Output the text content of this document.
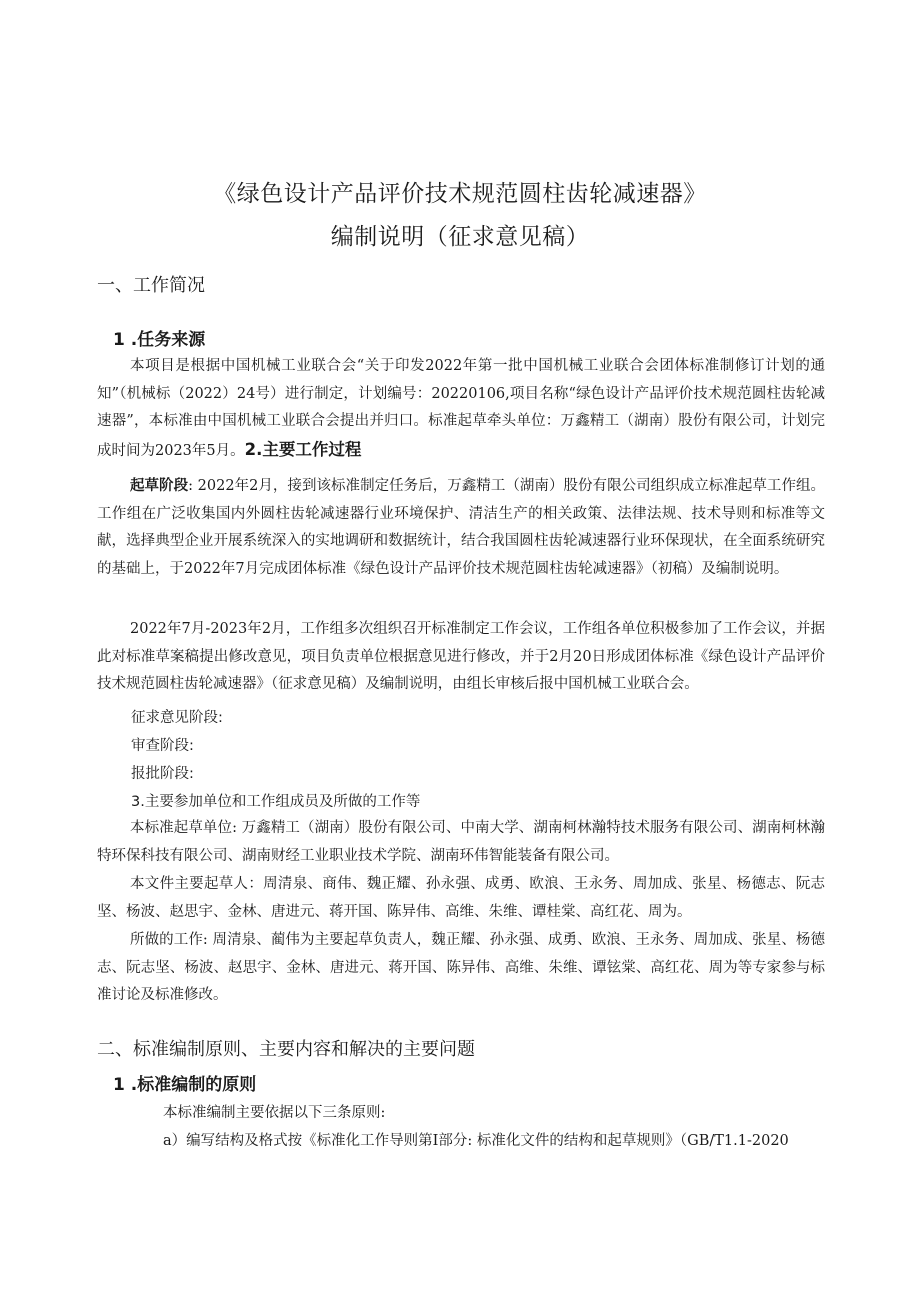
《绿色设计产品评价技术规范圆柱齿轮减速器》
编制说明（征求意见稿）
一、工作简况
1 .任务来源

本项目是根据中国机械工业联合会“关于印发2022年第一批中国机械工业联合会团体标准制修订计划的通知”（机械标（2022）24号）进行制定，计划编号：20220106,项目名称“绿色设计产品评价技术规范圆柱齿轮减速器”，本标准由中国机械工业联合会提出并归口。标准起草牵头单位：万鑫精工（湖南）股份有限公司，计划完成时间为2023年5月。2.主要工作过程

起草阶段: 2022年2月，接到该标准制定任务后，万鑫精工（湖南）股份有限公司组织成立标准起草工作组。工作组在广泛收集国内外圆柱齿轮减速器行业环境保护、清洁生产的相关政策、法律法规、技术导则和标准等文献，选择典型企业开展系统深入的实地调研和数据统计，结合我国圆柱齿轮减速器行业环保现状，在全面系统研究的基础上，于2022年7月完成团体标准《绿色设计产品评价技术规范圆柱齿轮减速器》（初稿）及编制说明。

2022年7月-2023年2月，工作组多次组织召开标准制定工作会议，工作组各单位积极参加了工作会议，并据此对标准草案稿提出修改意见，项目负责单位根据意见进行修改，并于2月20日形成团体标准《绿色设计产品评价技术规范圆柱齿轮减速器》（征求意见稿）及编制说明，由组长审核后报中国机械工业联合会。

征求意见阶段:
审查阶段:
报批阶段:
3.主要参加单位和工作组成员及所做的工作等

本标准起草单位: 万鑫精工（湖南）股份有限公司、中南大学、湖南柯林瀚特技术服务有限公司、湖南柯林瀚特环保科技有限公司、湖南财经工业职业技术学院、湖南环伟智能装备有限公司。

本文件主要起草人：周清泉、商伟、魏正耀、孙永强、成勇、欧浪、王永务、周加成、张星、杨德志、阮志坚、杨波、赵思宇、金林、唐进元、蒋开国、陈异伟、高维、朱维、谭桂棠、高红花、周为。

所做的工作: 周清泉、蔺伟为主要起草负责人，魏正耀、孙永强、成勇、欧浪、王永务、周加成、张星、杨德志、阮志坚、杨波、赵思宇、金林、唐进元、蒋开国、陈异伟、高维、朱维、谭铉棠、高红花、周为等专家参与标准讨论及标准修改。

二、标准编制原则、主要内容和解决的主要问题
1 .标准编制的原则
本标准编制主要依据以下三条原则:
a）编写结构及格式按《标准化工作导则第I部分: 标准化文件的结构和起草规则》（GB/T1.1-2020
